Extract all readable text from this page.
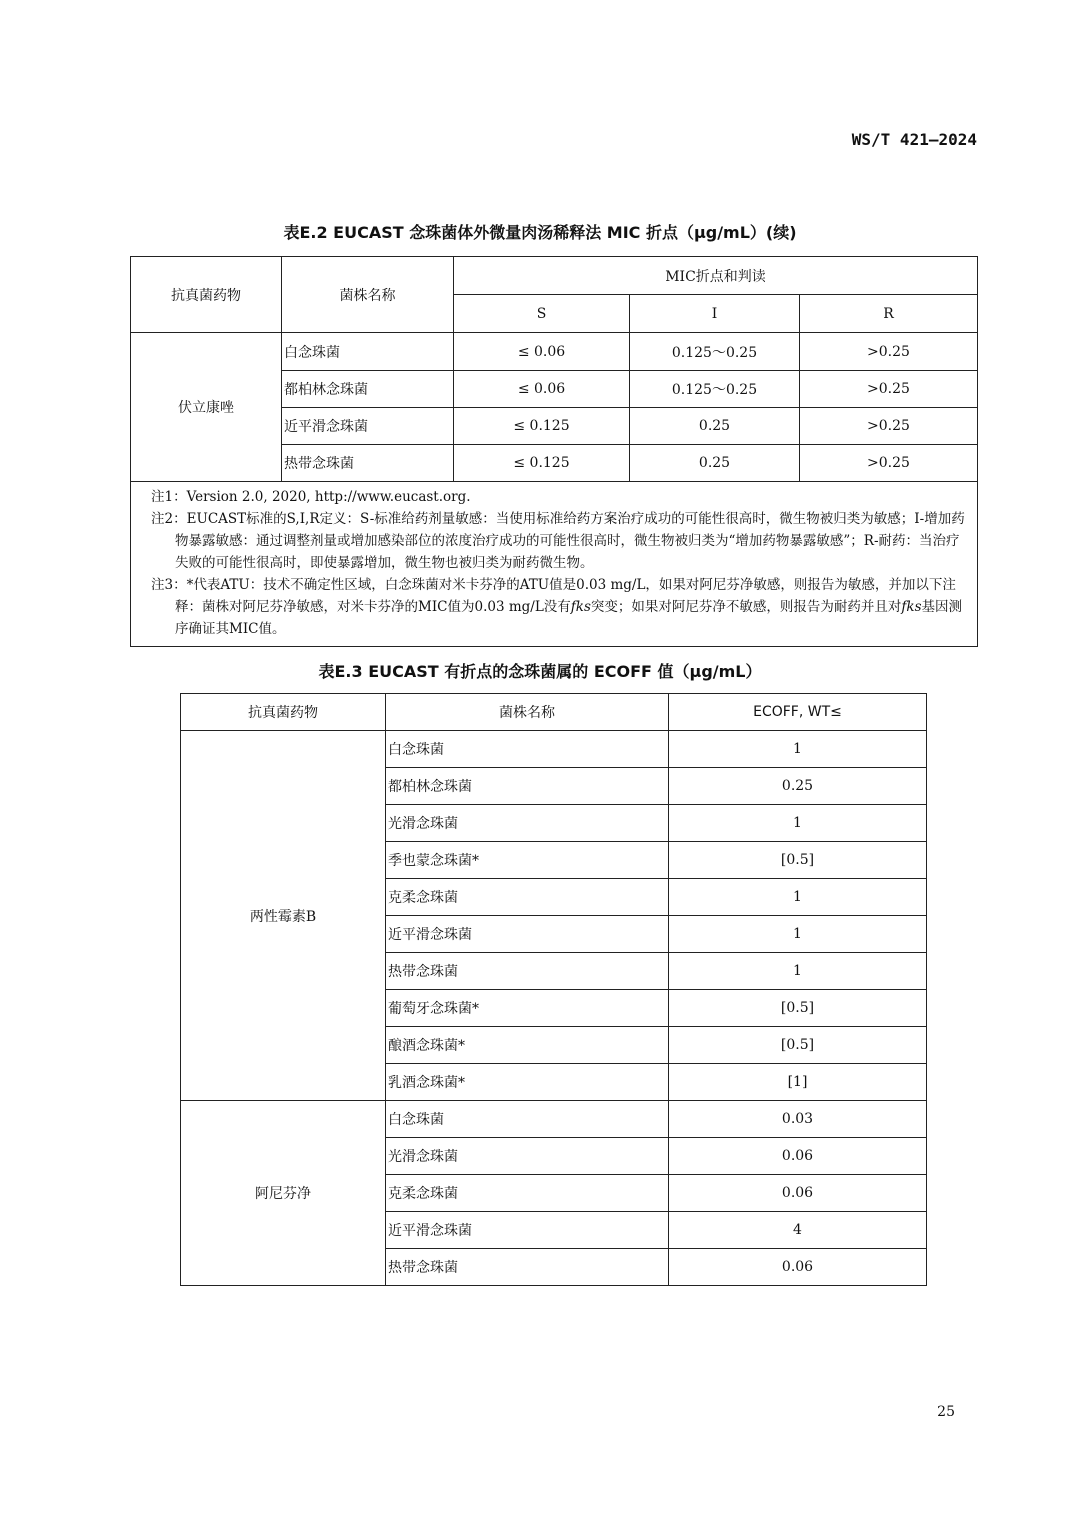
WS/T 421—2024
表E.2 EUCAST 念珠菌体外微量肉汤稀释法 MIC 折点（μg/mL）(续)
抗真菌药物	菌株名称	MIC折点和判读		
		S	I	R
伏立康唑	白念珠菌	≤ 0.06	0.125～0.25	>0.25
	都柏林念珠菌	≤ 0.06	0.125～0.25	>0.25
	近平滑念珠菌	≤ 0.125	0.25	>0.25
	热带念珠菌	≤ 0.125	0.25	>0.25

注1：Version 2.0, 2020, http://www.eucast.org.
注2：EUCAST标准的S,I,R定义：S-标准给药剂量敏感：当使用标准给药方案治疗成功的可能性很高时，微生物被归类为敏感；I-增加药物暴露敏感：通过调整剂量或增加感染部位的浓度治疗成功的可能性很高时，微生物被归类为“增加药物暴露敏感”；R-耐药：当治疗失败的可能性很高时，即使暴露增加，微生物也被归类为耐药微生物。
注3：*代表ATU：技术不确定性区域，白念珠菌对米卡芬净的ATU值是0.03 mg/L，如果对阿尼芬净敏感，则报告为敏感，并加以下注释：菌株对阿尼芬净敏感，对米卡芬净的MIC值为0.03 mg/L没有fks突变；如果对阿尼芬净不敏感，则报告为耐药并且对fks基因测序确证其MIC值。				
表E.3 EUCAST 有折点的念珠菌属的 ECOFF 值（μg/mL）
抗真菌药物	菌株名称	ECOFF, WT≤
两性霉素B	白念珠菌	1
	都柏林念珠菌	0.25
	光滑念珠菌	1
	季也蒙念珠菌*	[0.5]
	克柔念珠菌	1
	近平滑念珠菌	1
	热带念珠菌	1
	葡萄牙念珠菌*	[0.5]
	酿酒念珠菌*	[0.5]
	乳酒念珠菌*	[1]
阿尼芬净	白念珠菌	0.03
	光滑念珠菌	0.06
	克柔念珠菌	0.06
	近平滑念珠菌	4
	热带念珠菌	0.06
25
